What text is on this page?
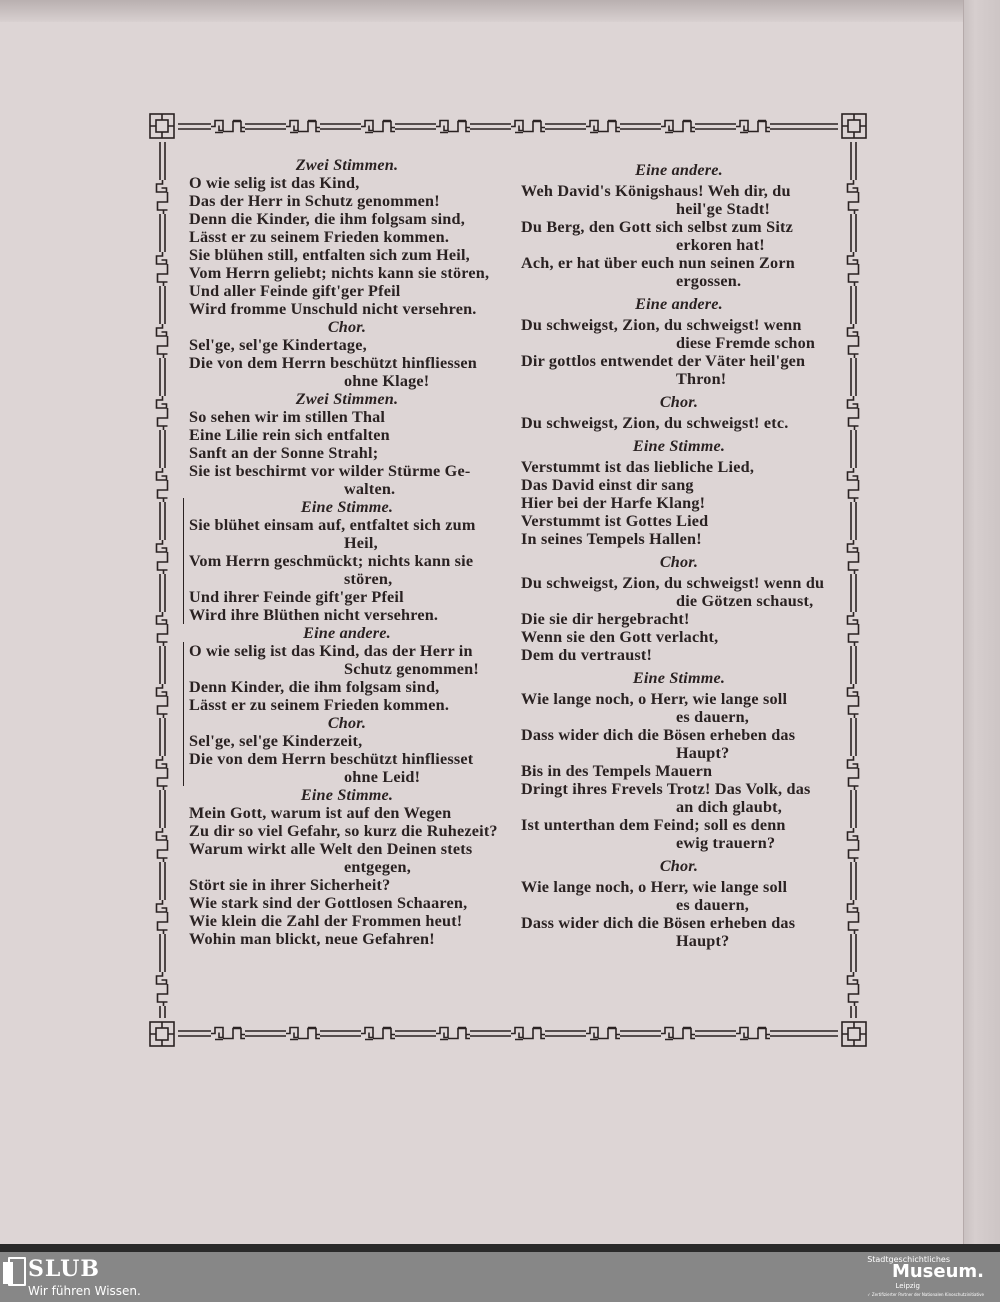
Zwei Stimmen.
O wie selig ist das Kind,
Das der Herr in Schutz genommen!
Denn die Kinder, die ihm folgsam sind,
Lässt er zu seinem Frieden kommen.
Sie blühen still, entfalten sich zum Heil,
Vom Herrn geliebt; nichts kann sie stören,
Und aller Feinde gift'ger Pfeil
Wird fromme Unschuld nicht versehren.
Chor.
Sel'ge, sel'ge Kindertage,
Die von dem Herrn beschützt hinfliessen
ohne Klage!
Zwei Stimmen.
So sehen wir im stillen Thal
Eine Lilie rein sich entfalten
Sanft an der Sonne Strahl;
Sie ist beschirmt vor wilder Stürme Ge-
walten.
Eine Stimme.
Sie blühet einsam auf, entfaltet sich zum
Heil,
Vom Herrn geschmückt; nichts kann sie
stören,
Und ihrer Feinde gift'ger Pfeil
Wird ihre Blüthen nicht versehren.
Eine andere.
O wie selig ist das Kind, das der Herr in
Schutz genommen!
Denn Kinder, die ihm folgsam sind,
Lässt er zu seinem Frieden kommen.
Chor.
Sel'ge, sel'ge Kinderzeit,
Die von dem Herrn beschützt hinfliesset
ohne Leid!
Eine Stimme.
Mein Gott, warum ist auf den Wegen
Zu dir so viel Gefahr, so kurz die Ruhezeit?
Warum wirkt alle Welt den Deinen stets
entgegen,
Stört sie in ihrer Sicherheit?
Wie stark sind der Gottlosen Schaaren,
Wie klein die Zahl der Frommen heut!
Wohin man blickt, neue Gefahren!
Eine andere.
Weh David's Königshaus! Weh dir, du
heil'ge Stadt!
Du Berg, den Gott sich selbst zum Sitz
erkoren hat!
Ach, er hat über euch nun seinen Zorn
ergossen.
Eine andere.
Du schweigst, Zion, du schweigst! wenn
diese Fremde schon
Dir gottlos entwendet der Väter heil'gen
Thron!
Chor.
Du schweigst, Zion, du schweigst! etc.
Eine Stimme.
Verstummt ist das liebliche Lied,
Das David einst dir sang
Hier bei der Harfe Klang!
Verstummt ist Gottes Lied
In seines Tempels Hallen!
Chor.
Du schweigst, Zion, du schweigst! wenn du
die Götzen schaust,
Die sie dir hergebracht!
Wenn sie den Gott verlacht,
Dem du vertraust!
Eine Stimme.
Wie lange noch, o Herr, wie lange soll
es dauern,
Dass wider dich die Bösen erheben das
Haupt?
Bis in des Tempels Mauern
Dringt ihres Frevels Trotz! Das Volk, das
an dich glaubt,
Ist unterthan dem Feind; soll es denn
ewig trauern?
Chor.
Wie lange noch, o Herr, wie lange soll
es dauern,
Dass wider dich die Bösen erheben das
Haupt?
SLUB
Wir führen Wissen.
Stadtgeschichtliches
Museum.
Leipzig
✓ Zertifizierter Partner der Nationalen Kinoschutzinitiative
